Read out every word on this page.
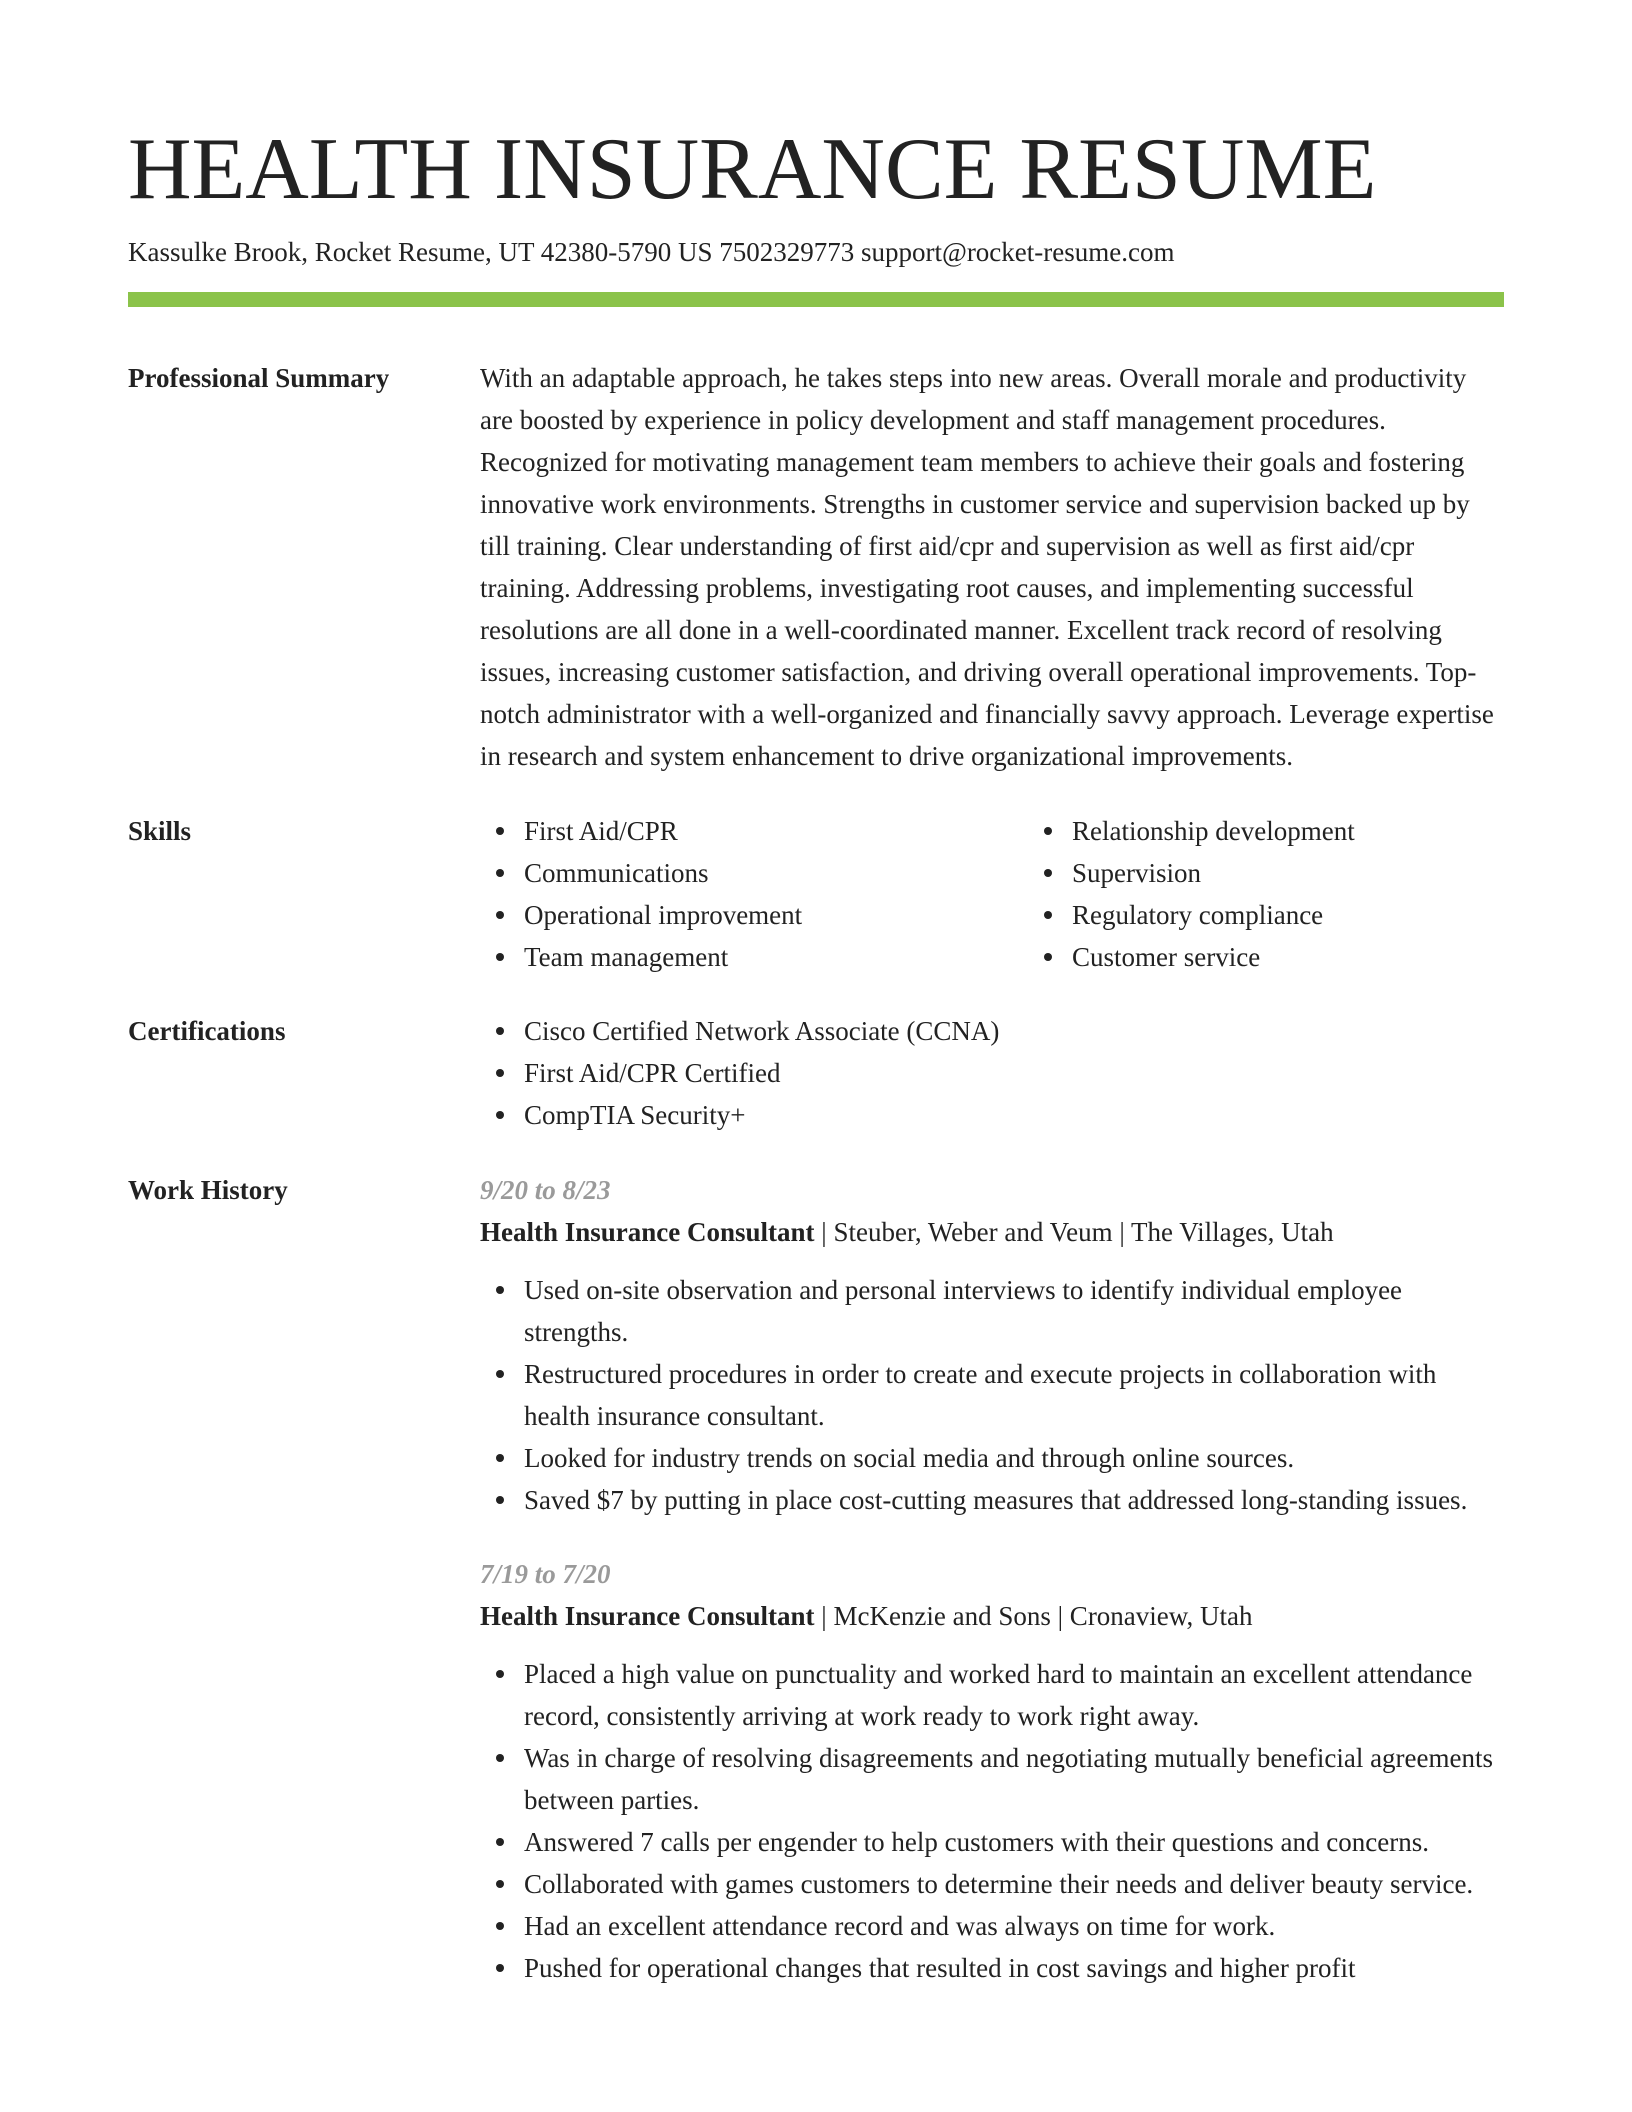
HEALTH INSURANCE RESUME
Kassulke Brook, Rocket Resume, UT 42380-5790 US 7502329773 support@rocket-resume.com
Professional Summary	With an adaptable approach, he takes steps into new areas. Overall morale and productivity are boosted by experience in policy development and staff management procedures. Recognized for motivating management team members to achieve their goals and fostering innovative work environments. Strengths in customer service and supervision backed up by till training. Clear understanding of first aid/cpr and supervision as well as first aid/cpr training. Addressing problems, investigating root causes, and implementing successful resolutions are all done in a well-coordinated manner. Excellent track record of resolving issues, increasing customer satisfaction, and driving overall operational improvements. Top-notch administrator with a well-organized and financially savvy approach. Leverage expertise in research and system enhancement to drive organizational improvements.
Skills	First Aid/CPR
Communications
Operational improvement
Team management
Relationship development
Supervision
Regulatory compliance
Customer service
Certifications	Cisco Certified Network Associate (CCNA)
First Aid/CPR Certified
CompTIA Security+
Work History	9/20 to 8/23
Health Insurance Consultant | Steuber, Weber and Veum | The Villages, Utah
Used on-site observation and personal interviews to identify individual employee strengths.
Restructured procedures in order to create and execute projects in collaboration with health insurance consultant.
Looked for industry trends on social media and through online sources.
Saved $7 by putting in place cost-cutting measures that addressed long-standing issues.
7/19 to 7/20
Health Insurance Consultant | McKenzie and Sons | Cronaview, Utah
Placed a high value on punctuality and worked hard to maintain an excellent attendance record, consistently arriving at work ready to work right away.
Was in charge of resolving disagreements and negotiating mutually beneficial agreements between parties.
Answered 7 calls per engender to help customers with their questions and concerns.
Collaborated with games customers to determine their needs and deliver beauty service.
Had an excellent attendance record and was always on time for work.
Pushed for operational changes that resulted in cost savings and higher profit
